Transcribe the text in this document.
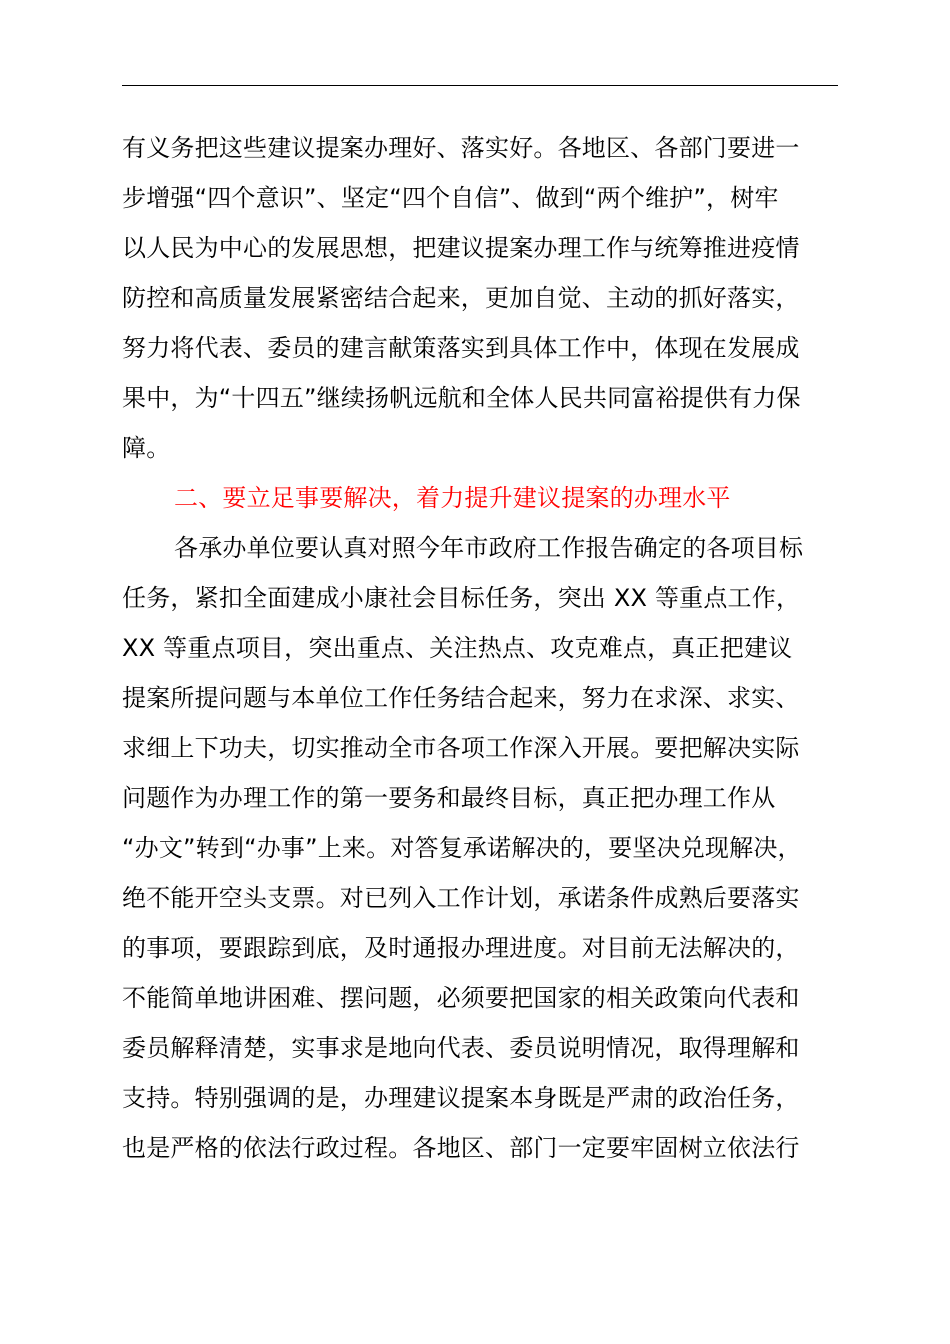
有义务把这些建议提案办理好、落实好。各地区、各部门要进一
步增强“四个意识”、坚定“四个自信”、做到“两个维护”，树牢
以人民为中心的发展思想，把建议提案办理工作与统筹推进疫情
防控和高质量发展紧密结合起来，更加自觉、主动的抓好落实，
努力将代表、委员的建言献策落实到具体工作中，体现在发展成
果中，为“十四五”继续扬帆远航和全体人民共同富裕提供有力保
障。
二、要立足事要解决，着力提升建议提案的办理水平
各承办单位要认真对照今年市政府工作报告确定的各项目标
任务，紧扣全面建成小康社会目标任务，突出 XX 等重点工作，
XX 等重点项目，突出重点、关注热点、攻克难点，真正把建议
提案所提问题与本单位工作任务结合起来，努力在求深、求实、
求细上下功夫，切实推动全市各项工作深入开展。要把解决实际
问题作为办理工作的第一要务和最终目标，真正把办理工作从
“办文”转到“办事”上来。对答复承诺解决的，要坚决兑现解决，
绝不能开空头支票。对已列入工作计划，承诺条件成熟后要落实
的事项，要跟踪到底，及时通报办理进度。对目前无法解决的，
不能简单地讲困难、摆问题，必须要把国家的相关政策向代表和
委员解释清楚，实事求是地向代表、委员说明情况，取得理解和
支持。特别强调的是，办理建议提案本身既是严肃的政治任务，
也是严格的依法行政过程。各地区、部门一定要牢固树立依法行
